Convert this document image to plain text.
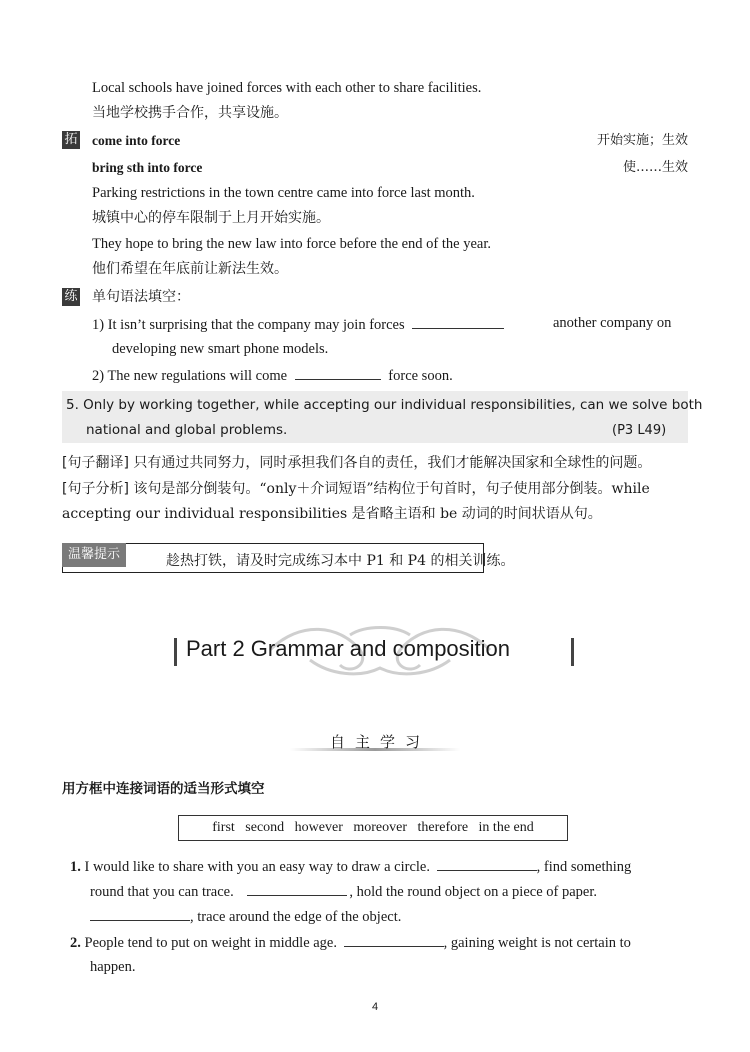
Local schools have joined forces with each other to share facilities.
当地学校携手合作，共享设施。
拓 come into force	开始实施；生效
bring sth into force	使……生效
Parking restrictions in the town centre came into force last month.
城镇中心的停车限制于上月开始实施。
They hope to bring the new law into force before the end of the year.
他们希望在年底前让新法生效。
练 单句语法填空：
1) It isn’t surprising that the company may join forces	another company on
developing new smart phone models.
2) The new regulations will come	force soon.
5. Only by working together, while accepting our individual responsibilities, can we solve both
national and global problems.	(P3 L49)
[句子翻译] 只有通过共同努力，同时承担我们各自的责任，我们才能解决国家和全球性的问题。
[句子分析] 该句是部分倒装句。“only＋介词短语”结构位于句首时，句子使用部分倒装。while
accepting our individual responsibilities 是省略主语和 be 动词的时间状语从句。
温馨提示	趁热打铁，请及时完成练习本中 P1 和 P4 的相关训练。
Part 2 Grammar and composition
自主学习
用方框中连接词语的适当形式填空
first   second   however   moreover   therefore   in the end
1. I would like to share with you an easy way to draw a circle.	, find something
round that you can trace.	, hold the round object on a piece of paper.
, trace around the edge of the object.
2. People tend to put on weight in middle age.	, gaining weight is not certain to
happen.
4
